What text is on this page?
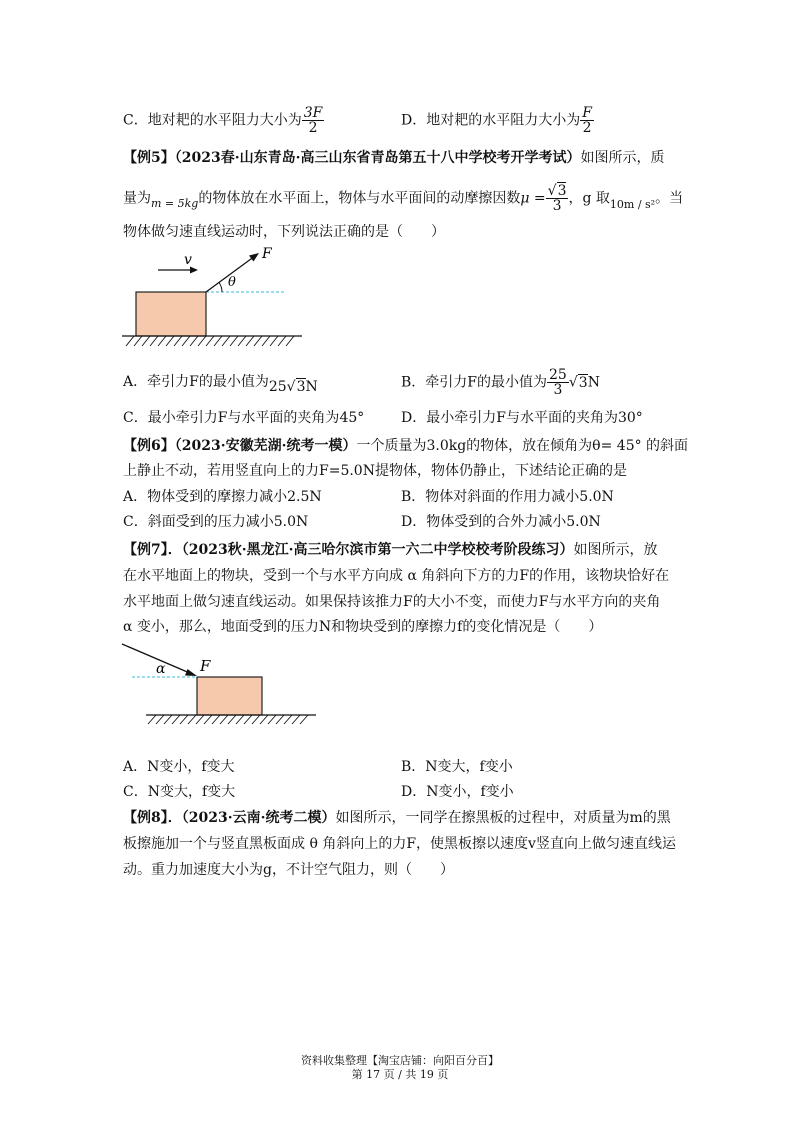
C．地对耙的水平阻力大小为 $\frac{3F}{2}$	D．地对耙的水平阻力大小为 $\frac{F}{2}$
【例5】（2023春·山东青岛·高三山东省青岛第五十八中学校考开学考试）如图所示，质
量为$_{m = 5kg}$的物体放在水平面上，物体与水平面间的动摩擦因数$\mu = \frac{√3}{3}$ ，g 取$_{10m / s^2}$。当
物体做匀速直线运动时，下列说法正确的是（　　）
v	F
θ
A．牵引力F的最小值为25√3N	B．牵引力F的最小值为 $\frac{25}{3} √3N$
C．最小牵引力F与水平面的夹角为45°	D．最小牵引力F与水平面的夹角为30°
【例6】（2023·安徽芜湖·统考一模）一个质量为3.0kg的物体，放在倾角为θ= 45° 的斜面
上静止不动，若用竖直向上的力F=5.0N提物体，物体仍静止，下述结论正确的是
A．物体受到的摩擦力减小2.5N	B．物体对斜面的作用力减小5.0N
C．斜面受到的压力减小5.0N	D．物体受到的合外力减小5.0N
【例7】．（2023秋·黑龙江·高三哈尔滨市第一六二中学校校考阶段练习）如图所示，放
在水平地面上的物块，受到一个与水平方向成 α 角斜向下方的力F的作用，该物块恰好在
水平地面上做匀速直线运动。如果保持该推力F的大小不变，而使力F与水平方向的夹角
α 变小，那么，地面受到的压力N和物块受到的摩擦力f的变化情况是（　　）
α F
A．N变小，f变大	B．N变大，f变小
C．N变大，f变大	D．N变小，f变小
【例8】．（2023·云南·统考二模）如图所示，一同学在擦黑板的过程中，对质量为m的黑
板擦施加一个与竖直黑板面成 θ 角斜向上的力F，使黑板擦以速度v竖直向上做匀速直线运
动。重力加速度大小为g，不计空气阻力，则（　　）
资料收集整理【淘宝店铺：向阳百分百】
第 17 页 / 共 19 页
